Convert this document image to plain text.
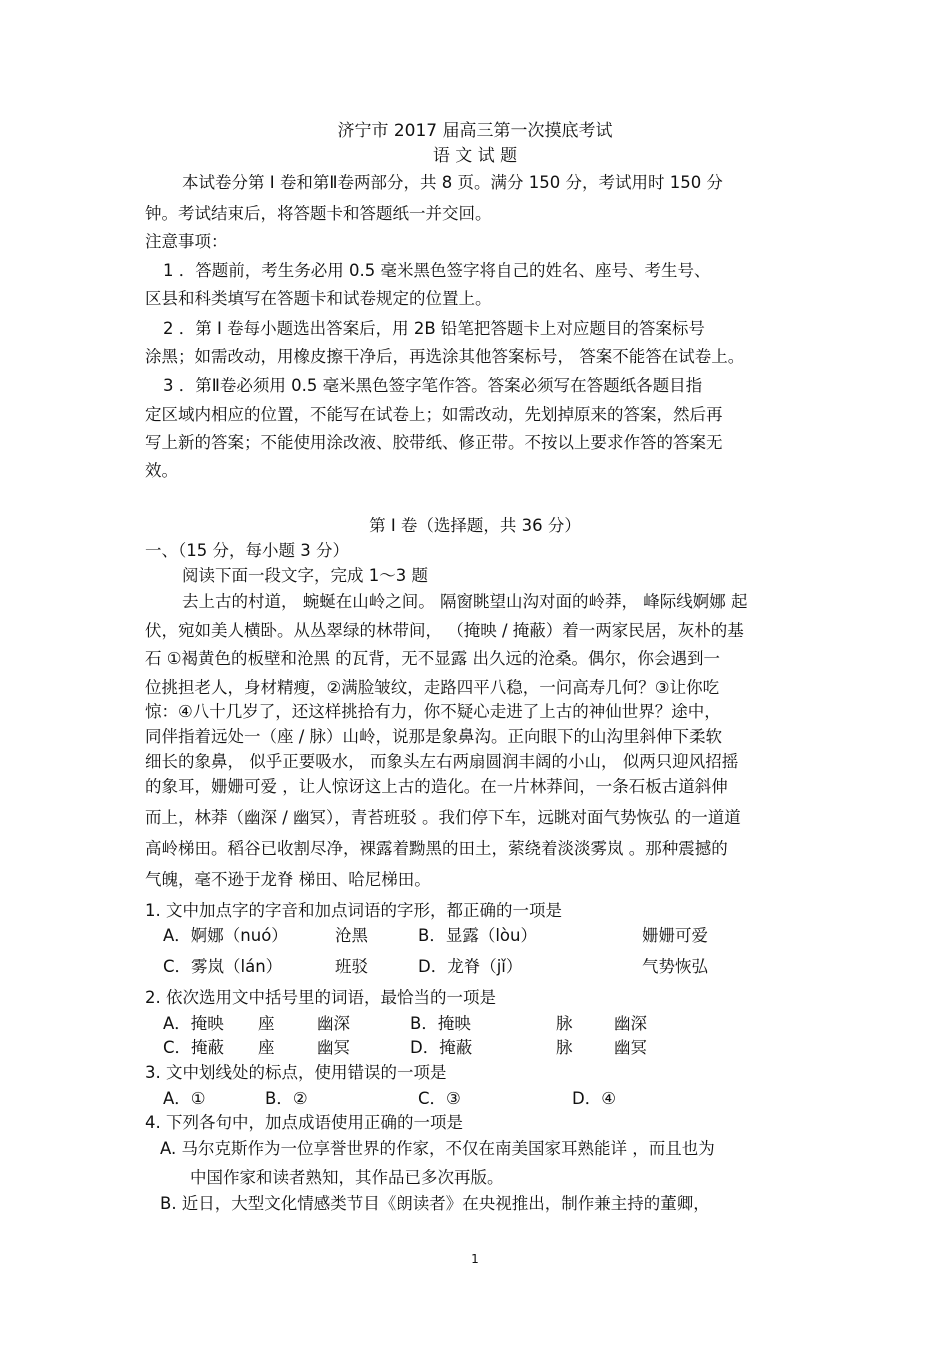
济宁市 2017 届高三第一次摸底考试
语 文 试 题
本试卷分第 Ⅰ 卷和第Ⅱ卷两部分，共 8 页。满分 150 分，考试用时 150 分
钟。考试结束后，将答题卡和答题纸一并交回。
注意事项：
1 ．答题前，考生务必用 0.5 毫米黑色签字将自己的姓名、座号、考生号、
区县和科类填写在答题卡和试卷规定的位置上。
2 ．第 Ⅰ 卷每小题选出答案后，用 2B 铅笔把答题卡上对应题目的答案标号
涂黑；如需改动，用橡皮擦干净后，再选涂其他答案标号， 答案不能答在试卷上。
3 ．第Ⅱ卷必须用 0.5 毫米黑色签字笔作答。答案必须写在答题纸各题目指
定区域内相应的位置，不能写在试卷上；如需改动，先划掉原来的答案，然后再
写上新的答案；不能使用涂改液、胶带纸、修正带。不按以上要求作答的答案无
效。
第 Ⅰ 卷（选择题，共 36 分）
一、（15 分，每小题 3 分）
阅读下面一段文字，完成 1～3 题
去上古的村道， 蜿蜒在山岭之间。 隔窗眺望山沟对面的岭莽， 峰际线婀娜 起
伏，宛如美人横卧。从丛翠绿的林带间， （掩映 / 掩蔽）着一两家民居，灰朴的基
石 ①褐黄色的板壁和沧黑 的瓦背，无不显露 出久远的沧桑。偶尔，你会遇到一
位挑担老人，身材精瘦，②满脸皱纹，走路四平八稳，一问高寿几何？③让你吃
惊：④八十几岁了，还这样挑拾有力，你不疑心走进了上古的神仙世界？途中，
同伴指着远处一（座 / 脉）山岭，说那是象鼻沟。正向眼下的山沟里斜伸下柔软
细长的象鼻， 似乎正要吸水， 而象头左右两扇圆润丰阔的小山， 似两只迎风招摇
的象耳，姗姗可爱 ，让人惊讶这上古的造化。在一片林莽间，一条石板古道斜伸
而上，林莽（幽深 / 幽冥），青苔班驳 。我们停下车，远眺对面气势恢弘 的一道道
高岭梯田。稻谷已收割尽净，裸露着黝黑的田土，萦绕着淡淡雾岚 。那种震撼的
气魄，毫不逊于龙脊 梯田、哈尼梯田。
1. 文中加点字的字音和加点词语的字形，都正确的一项是
A．婀娜（nuó）	沧黑	B．显露（lòu）	姗姗可爱
C．雾岚（lán）	班驳	D．龙脊（jǐ）	气势恢弘
2. 依次选用文中括号里的词语，最恰当的一项是
A．掩映 座	幽深	B．掩映	脉	幽深
C．掩蔽 座	幽冥	D．掩蔽	脉	幽冥
3. 文中划线处的标点，使用错误的一项是
A．①	B．②	C．③	D．④
4. 下列各句中，加点成语使用正确的一项是
A. 马尔克斯作为一位享誉世界的作家，不仅在南美国家耳熟能详 ，而且也为
中国作家和读者熟知，其作品已多次再版。
B. 近日，大型文化情感类节目《朗读者》在央视推出，制作兼主持的董卿，
1
